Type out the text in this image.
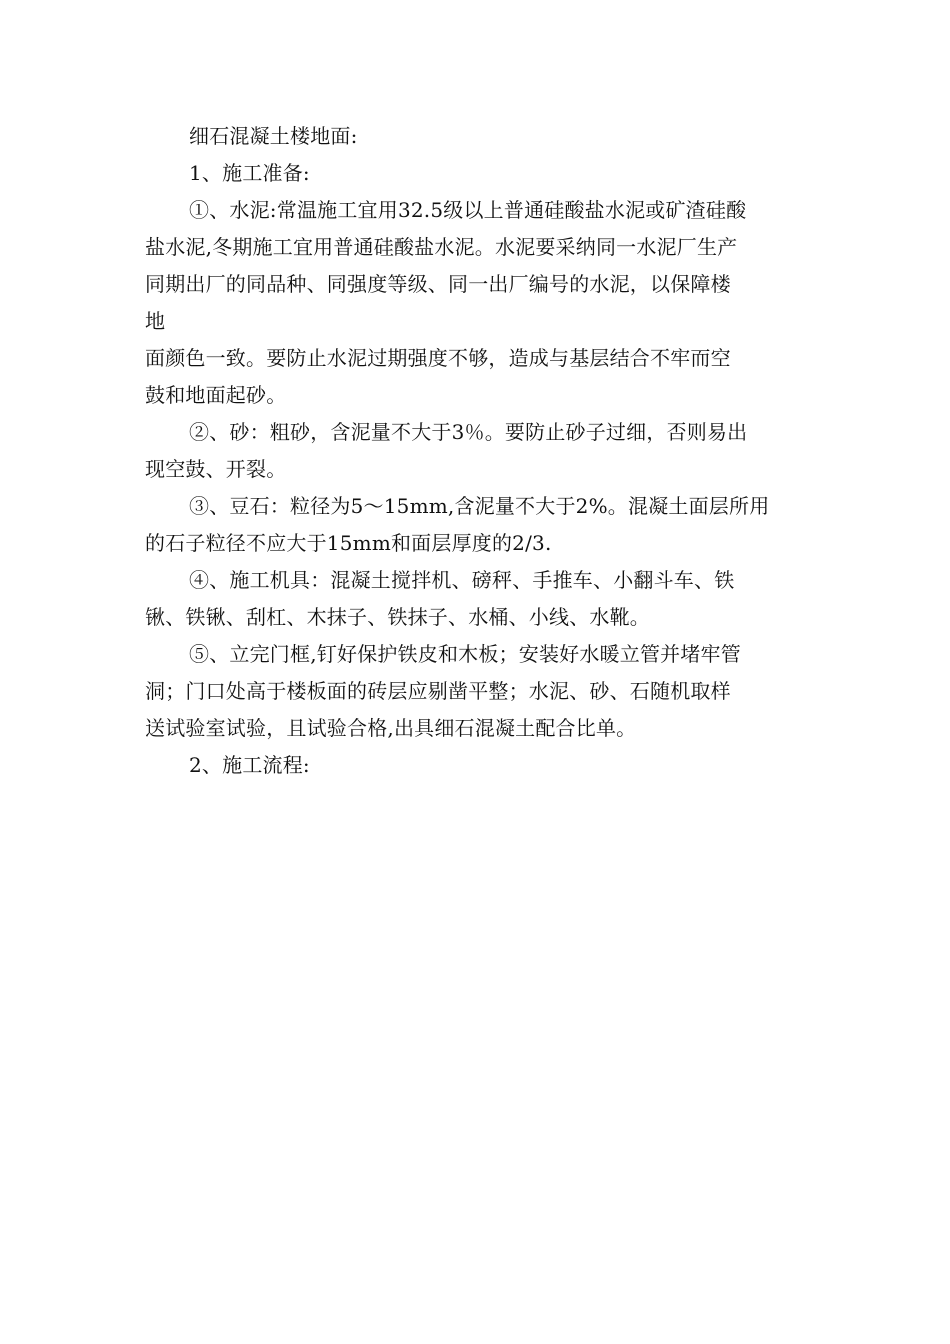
细石混凝土楼地面:
1、施工准备:
①、水泥:常温施工宜用32.5级以上普通硅酸盐水泥或矿渣硅酸
盐水泥,冬期施工宜用普通硅酸盐水泥。水泥要采纳同一水泥厂生产
同期出厂的同品种、同强度等级、同一出厂编号的水泥，以保障楼
地
面颜色一致。要防止水泥过期强度不够，造成与基层结合不牢而空
鼓和地面起砂。
②、砂：粗砂，含泥量不大于3％。要防止砂子过细，否则易出
现空鼓、开裂。
③、豆石：粒径为5～15mm,含泥量不大于2%。混凝土面层所用
的石子粒径不应大于15mm和面层厚度的2/3.
④、施工机具：混凝土搅拌机、磅秤、手推车、小翻斗车、铁
锹、铁锹、刮杠、木抹子、铁抹子、水桶、小线、水靴。
⑤、立完门框,钉好保护铁皮和木板；安装好水暖立管并堵牢管
洞；门口处高于楼板面的砖层应剔凿平整；水泥、砂、石随机取样
送试验室试验，且试验合格,出具细石混凝土配合比单。
2、施工流程:
